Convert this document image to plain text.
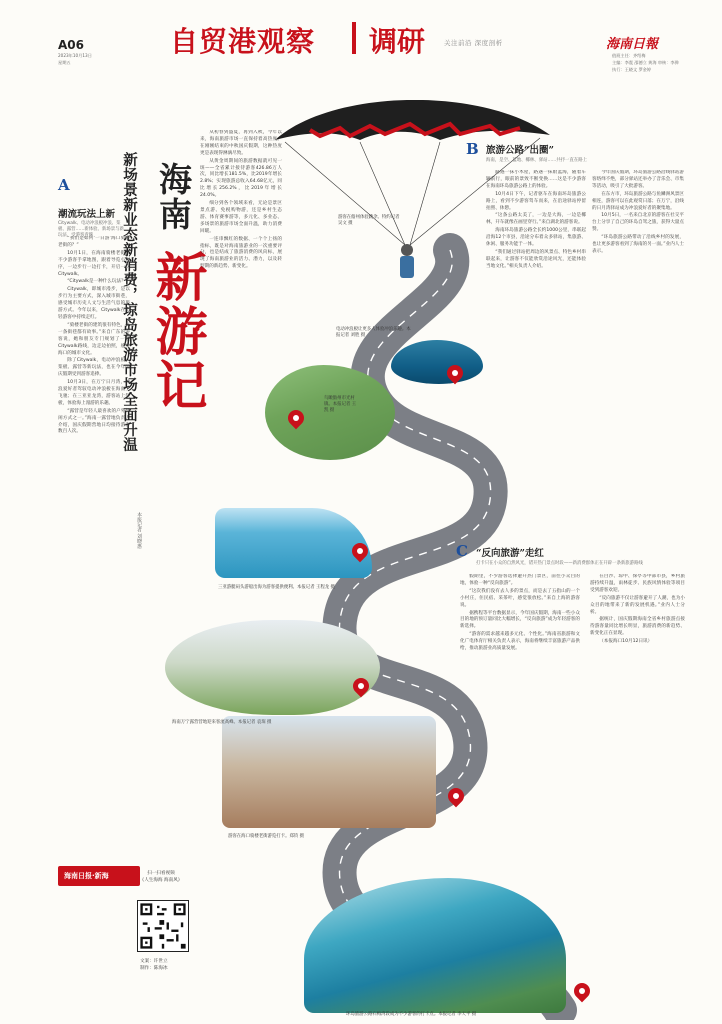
A06
2023年10月13日
星期五
自贸港观察 调研	关注前沿 深度剖析	海南日報
值班主任：齐绍梅
主编：李震 邵德立 黄海 审核：李骅
执行：王晓文 罗金婷
游客在儋州体验跳伞。特约记者 吴文 摄
电动冲浪板让更多人体验冲浪乐趣。本报记者 刘胜 摄
鸟瞰儋州市光村镇。本报记者 王凯 摄
三亚游艇码头游船出海为游客提供便利。本报记者 王程龙 摄
海南万宁露营营地迎来客流高峰。本报记者 袁琛 摄
游客在海口骑楼老街游览打卡。郑钧 摄
环岛旅游公路石梅湾段成为不少游客的打卡点。本报记者 李天平 摄
新场景新业态新消费，琼岛旅游市场全面升温 海南
新游记
本报记者 刘晓惠

从初春到盛夏，再到入秋，今年以来，海南旅游市场一直保持着高热度。在刚刚结束的中秋国庆假期，这种热度更是表现得淋漓尽致。

从黄金周期间的旅游数据就可见一斑——全省累计接待游客426.86万人次，同比增长181.5%，比2019年增长2.8%；实现旅游总收入64.68亿元，同比增长256.2%，比2019年增长24.0%。

细分到各个领域来看，无论是景区景点游、免税购物游，还是乡村生态游、体育赛事游等，多元化、多业态、多场景的旅游市场全面升温，助力消费回暖。

一连串飘红的数据、一个个上扬的指标，既是对海南旅游业的一次重要评分，也是结成了旅游消费的风向标，展现了海南旅游业的活力、潜力，以及转型期的新趋势、新变化。

A
潮流玩法上新
Citywalk、电动冲浪板冲浪、桨板、露营……新体验、新场景与新玩法，受游客青睐

“我们是如何‘一日游’海口骑楼老街的？”

10月1日，在海南骑楼老街，不少游客手拿地图，跟着导览小程序，一边步行一边打卡，开启一次Citywalk。

“Citywalk是一种什么玩法？”

Citywalk，即城市漫步，是以步行为主要方式，深入城市街巷，感受城市历史人文与生活气息的旅游方式。今年以来，Citywalk在年轻游客中持续走红。

“骑楼老街的建筑很有特色，每一条街巷都有故事。”来自广东的游客说，她和朋友专门规划了一条Citywalk路线，边走边拍照，感受海口的城市文化。

除了Citywalk，电动冲浪板、桨板、露营等新玩法，也在今年国庆假期受到游客追捧。

10月3日，在万宁日月湾，冲浪爱好者驾驭电动冲浪板在海面上飞驰；在三亚亚龙湾，游客站上桨板，体验海上漫游的乐趣。

“露营是年轻人最喜欢的户外休闲方式之一。”海南一露营地负责人介绍，国庆假期营地日均接待游客数百人次。

B 旅游公路“出圈”
海南，是空、蓝地、椰林、驿站……共抒一直在路上

路遇一抹小木屋，路遇一抹蔚蓝海，随着车辆前行，眼前的景致不断变换……这是不少游客在海南环岛旅游公路上的体验。

10月4日下午，记者驱车在海南环岛旅游公路上，看到不少游客驾车而来，在沿途驿站停留拍照、休憩。

“这条公路太美了，一边是大海，一边是椰林，开车就像在画里穿行。”来自湖北的游客说。

海南环岛旅游公路全长约1000公里，串联起沿海12个市县，沿途分布着众多驿站，集旅游、休闲、服务功能于一体。

“我们通过驿站把周边的风景点、特色乡村串联起来，让游客不仅能欣赏沿途风光，还能体验当地文化。”相关负责人介绍。

今年国庆假期，环岛旅游公路沿线驿站游客络绎不绝，部分驿站还举办了音乐会、市集等活动，吸引了大批游客。

在东方市，环岛旅游公路与鱼鳞洲风景区相连，游客可以在此观赏日落；在万宁，沿线的日月湾驿站成为冲浪爱好者的聚集地。

10月5日，一名来自北京的游客在社交平台上分享了自己的环岛自驾之旅，获得大量点赞。

“环岛旅游公路带动了沿线乡村的发展，也让更多游客看到了海南的另一面。”业内人士表示。

C “反向旅游”走红
打卡只在小众的自然风光，错开热门景点时段——新消费群体正在开辟一条新旅游路线

假期里，不少游客选择避开热门景区，前往小众目的地，体验一种“反向旅游”。

“这次我们没有去人多的景点，而是去了五指山的一个小村庄，住民宿、采茶叶，感觉很放松。”来自上海的游客说。

据携程等平台数据显示，今年国庆假期，海南一些小众目的地的预订量同比大幅增长，“反向旅游”成为年轻游客的新选择。

“游客的需求越来越多元化、个性化。”海南省旅游和文化广电体育厅相关负责人表示，海南将继续丰富旅游产品供给，推动旅游业高质量发展。

在白沙、琼中、保亭等中部市县，乡村旅游持续升温，雨林徒步、民族风情体验等项目受到游客欢迎。

“反向旅游不仅让游客避开了人潮，也为小众目的地带来了新的发展机遇。”业内人士分析。

据统计，国庆假期海南全省乡村旅游点接待游客量同比增长明显，旅游消费的新趋势、新变化正在显现。

（本报海口10月12日讯）

海南日报·新海	扫一扫看视频
《人生海海 海南风》
文案：许世立
制作：陈海冰
